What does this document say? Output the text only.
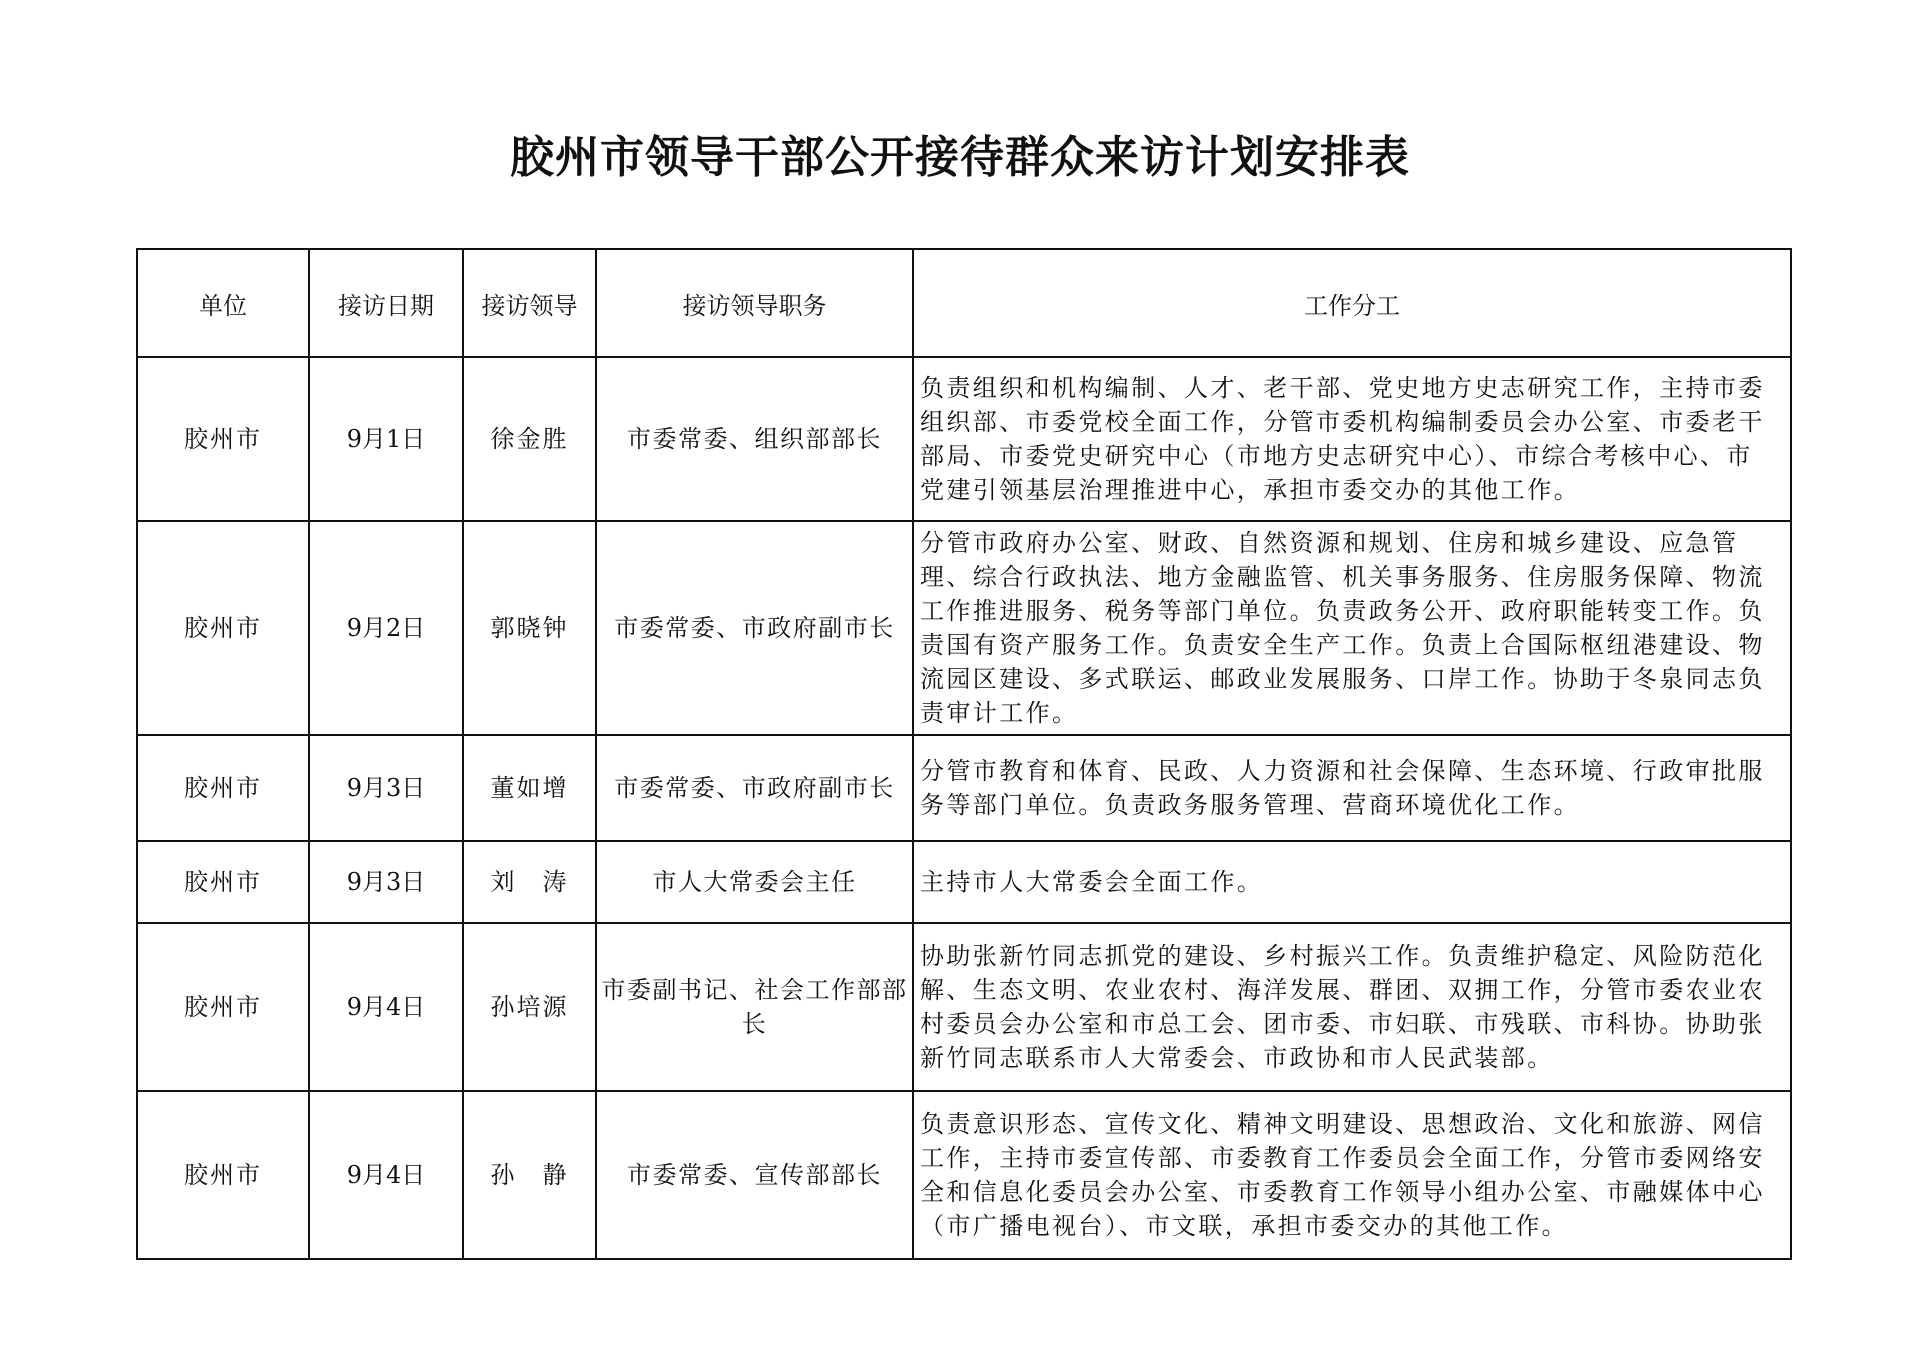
胶州市领导干部公开接待群众来访计划安排表
单位	接访日期	接访领导	接访领导职务	工作分工
胶州市	9月1日	徐金胜	市委常委、组织部部长	负责组织和机构编制、人才、老干部、党史地方史志研究工作，主持市委组织部、市委党校全面工作，分管市委机构编制委员会办公室、市委老干部局、市委党史研究中心（市地方史志研究中心）、市综合考核中心、市党建引领基层治理推进中心，承担市委交办的其他工作。
胶州市	9月2日	郭晓钟	市委常委、市政府副市长	分管市政府办公室、财政、自然资源和规划、住房和城乡建设、应急管理、综合行政执法、地方金融监管、机关事务服务、住房服务保障、物流工作推进服务、税务等部门单位。负责政务公开、政府职能转变工作。负责国有资产服务工作。负责安全生产工作。负责上合国际枢纽港建设、物流园区建设、多式联运、邮政业发展服务、口岸工作。协助于冬泉同志负责审计工作。
胶州市	9月3日	董如增	市委常委、市政府副市长	分管市教育和体育、民政、人力资源和社会保障、生态环境、行政审批服务等部门单位。负责政务服务管理、营商环境优化工作。
胶州市	9月3日	刘　涛	市人大常委会主任	主持市人大常委会全面工作。
胶州市	9月4日	孙培源	市委副书记、社会工作部部长	协助张新竹同志抓党的建设、乡村振兴工作。负责维护稳定、风险防范化解、生态文明、农业农村、海洋发展、群团、双拥工作，分管市委农业农村委员会办公室和市总工会、团市委、市妇联、市残联、市科协。协助张新竹同志联系市人大常委会、市政协和市人民武装部。
胶州市	9月4日	孙　静	市委常委、宣传部部长	负责意识形态、宣传文化、精神文明建设、思想政治、文化和旅游、网信工作，主持市委宣传部、市委教育工作委员会全面工作，分管市委网络安全和信息化委员会办公室、市委教育工作领导小组办公室、市融媒体中心（市广播电视台）、市文联，承担市委交办的其他工作。
